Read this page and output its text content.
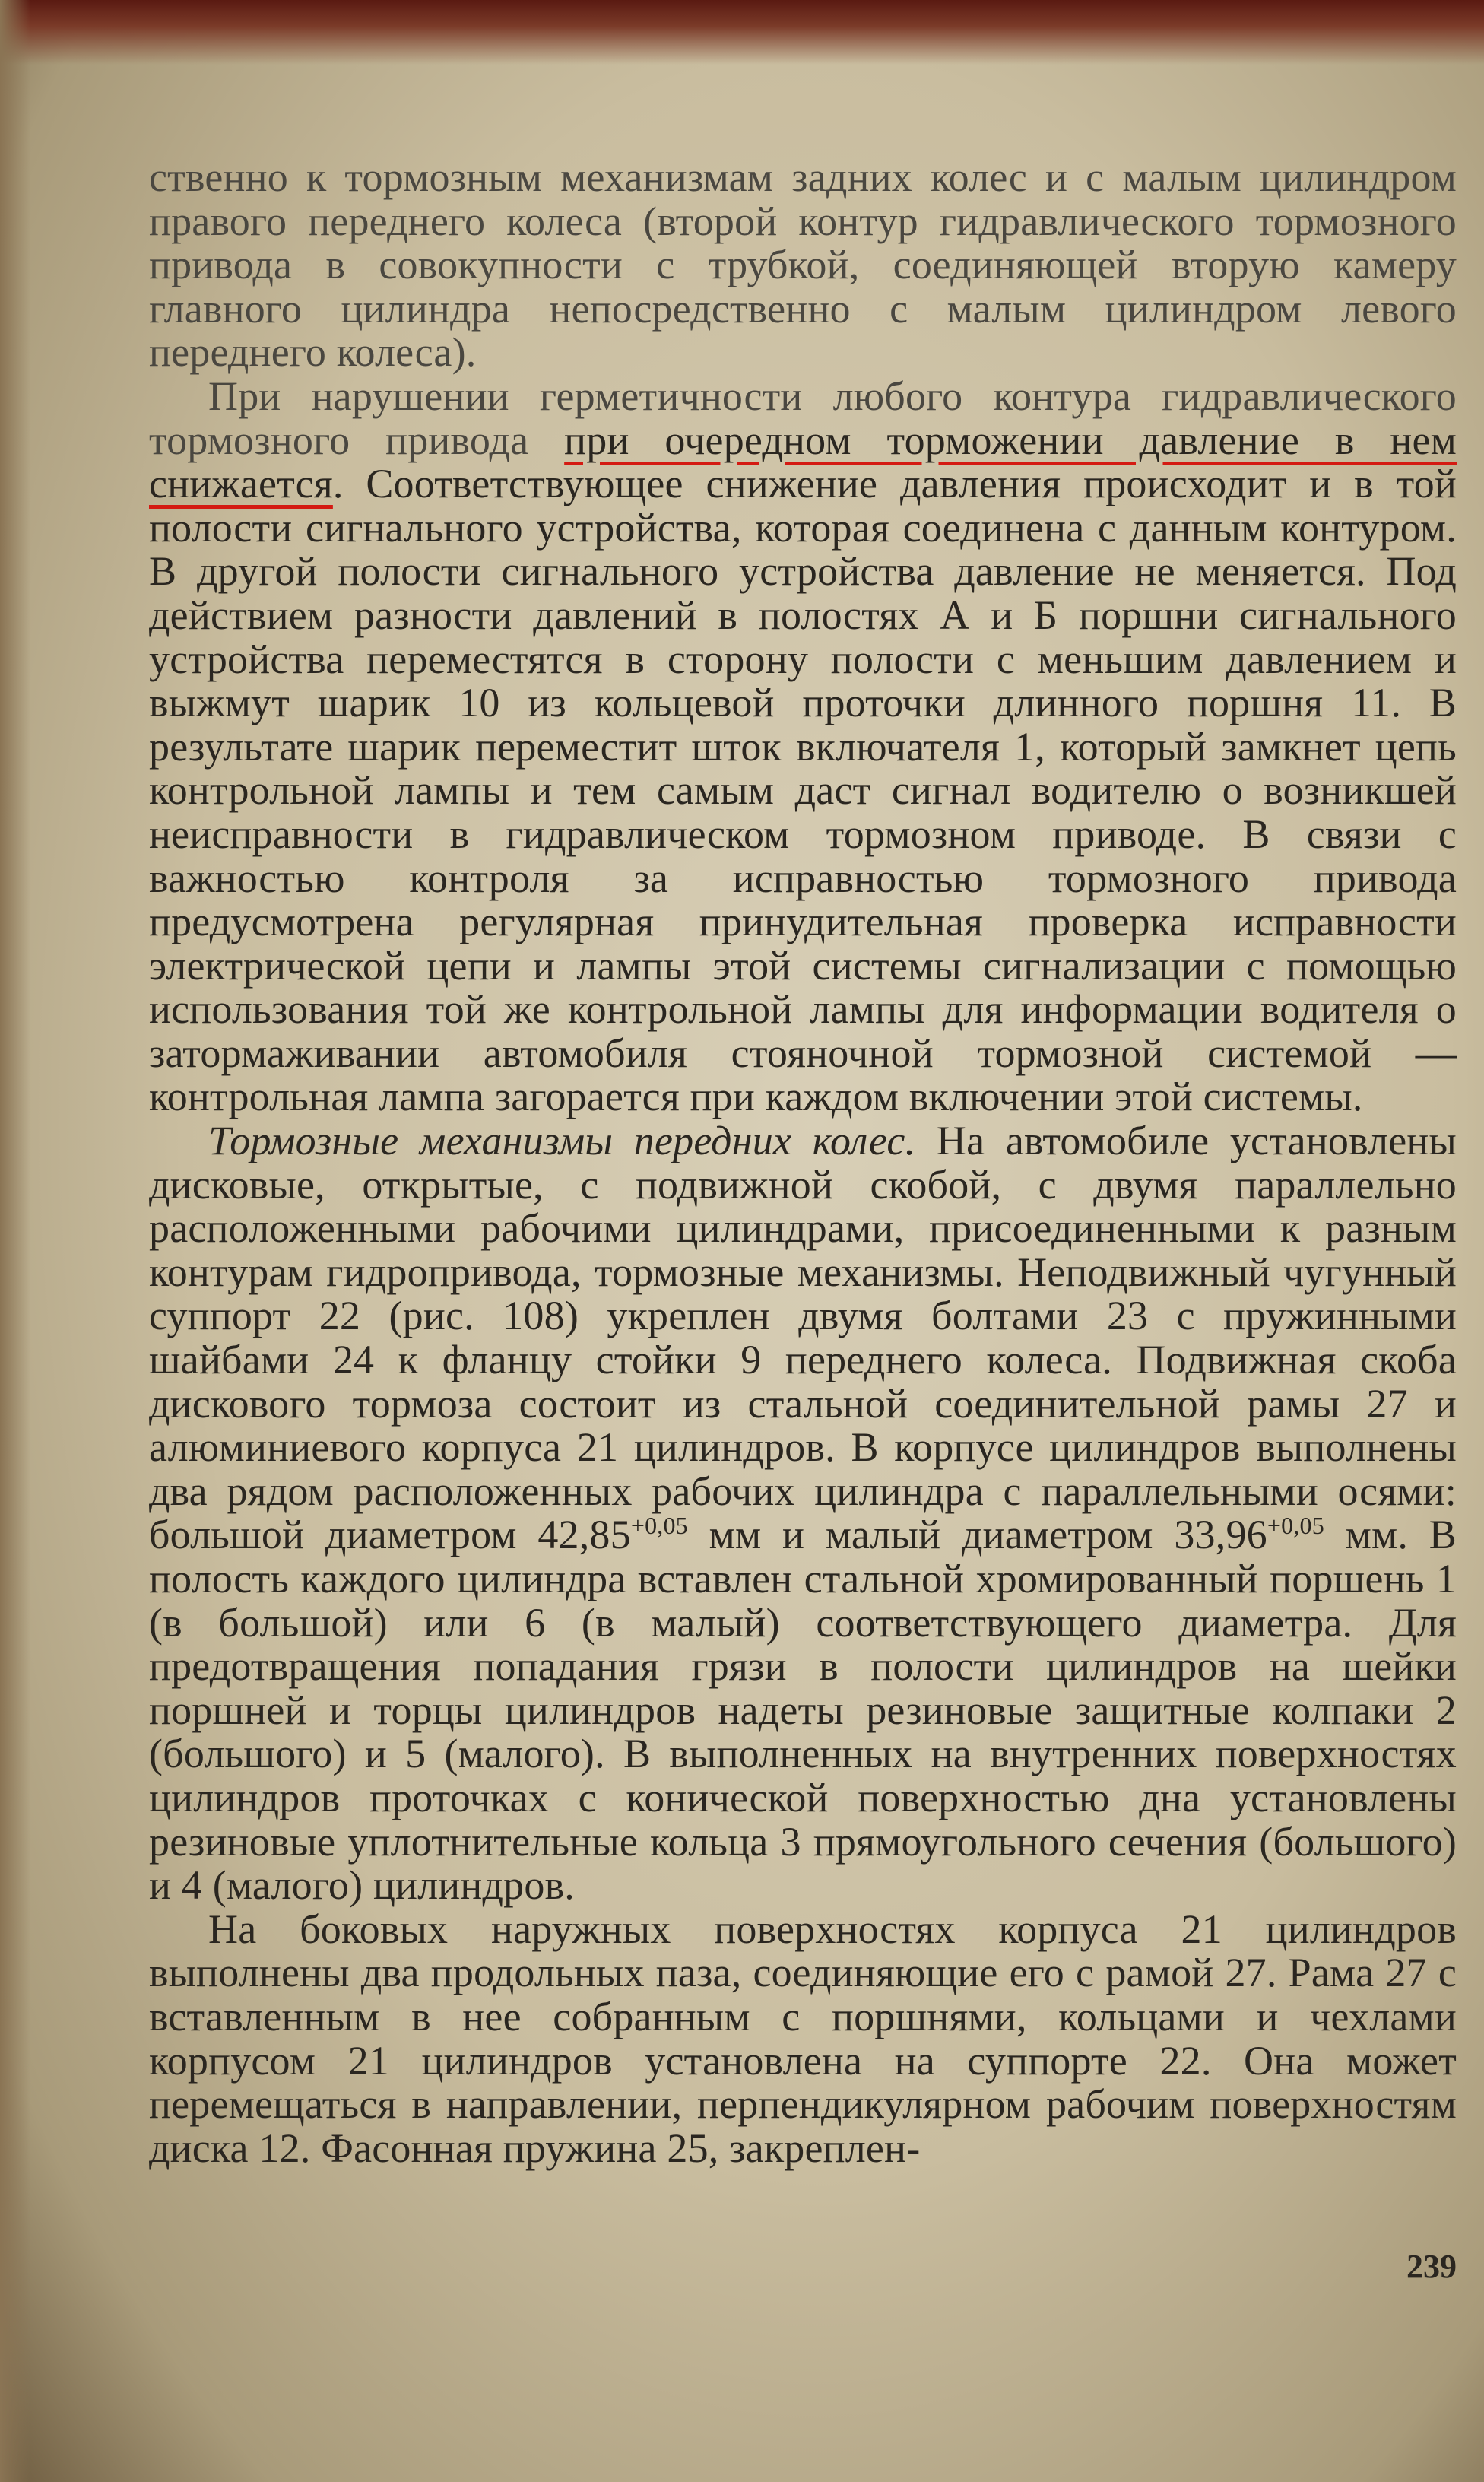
ственно к тормозным механизмам задних колес и с малым цилиндром правого переднего колеса (второй контур гидравлического тормозного привода в совокупности с трубкой, соединяющей вторую камеру главного цилиндра непосредственно с малым цилиндром левого переднего колеса).

При нарушении герметичности любого контура гидравлического тормозного привода при очередном торможении давление в нем снижается. Соответствующее снижение давления происходит и в той полости сигнального устройства, которая соединена с данным контуром. В другой полости сигнального устройства давление не меняется. Под действием разности давлений в полостях А и Б поршни сигнального устройства переместятся в сторону полости с меньшим давлением и выжмут шарик 10 из кольцевой проточки длинного поршня 11. В результате шарик переместит шток включателя 1, который замкнет цепь контрольной лампы и тем самым даст сигнал водителю о возникшей неисправности в гидравлическом тормозном приводе. В связи с важностью контроля за исправностью тормозного привода предусмотрена регулярная принудительная проверка исправности электрической цепи и лампы этой системы сигнализации с помощью использования той же контрольной лампы для информации водителя о затормаживании автомобиля стояночной тормозной системой — контрольная лампа загорается при каждом включении этой системы.

Тормозные механизмы передних колес. На автомобиле установлены дисковые, открытые, с подвижной скобой, с двумя параллельно расположенными рабочими цилиндрами, присоединенными к разным контурам гидропривода, тормозные механизмы. Неподвижный чугунный суппорт 22 (рис. 108) укреплен двумя болтами 23 с пружинными шайбами 24 к фланцу стойки 9 переднего колеса. Подвижная скоба дискового тормоза состоит из стальной соединительной рамы 27 и алюминиевого корпуса 21 цилиндров. В корпусе цилиндров выполнены два рядом расположенных рабочих цилиндра с параллельными осями: большой диаметром $42,85^{+0,05}$ мм и малый диаметром $33,96^{+0,05}$ мм. В полость каждого цилиндра вставлен стальной хромированный поршень 1 (в большой) или 6 (в малый) соответствующего диаметра. Для предотвращения попадания грязи в полости цилиндров на шейки поршней и торцы цилиндров надеты резиновые защитные колпаки 2 (большого) и 5 (малого). В выполненных на внутренних поверхностях цилиндров проточках с конической поверхностью дна установлены резиновые уплотнительные кольца 3 прямоугольного сечения (большого) и 4 (малого) цилиндров.

На боковых наружных поверхностях корпуса 21 цилиндров выполнены два продольных паза, соединяющие его с рамой 27. Рама 27 с вставленным в нее собранным с поршнями, кольцами и чехлами корпусом 21 цилиндров установлена на суппорте 22. Она может перемещаться в направлении, перпендикулярном рабочим поверхностям диска 12. Фасонная пружина 25, закреплен-

239
